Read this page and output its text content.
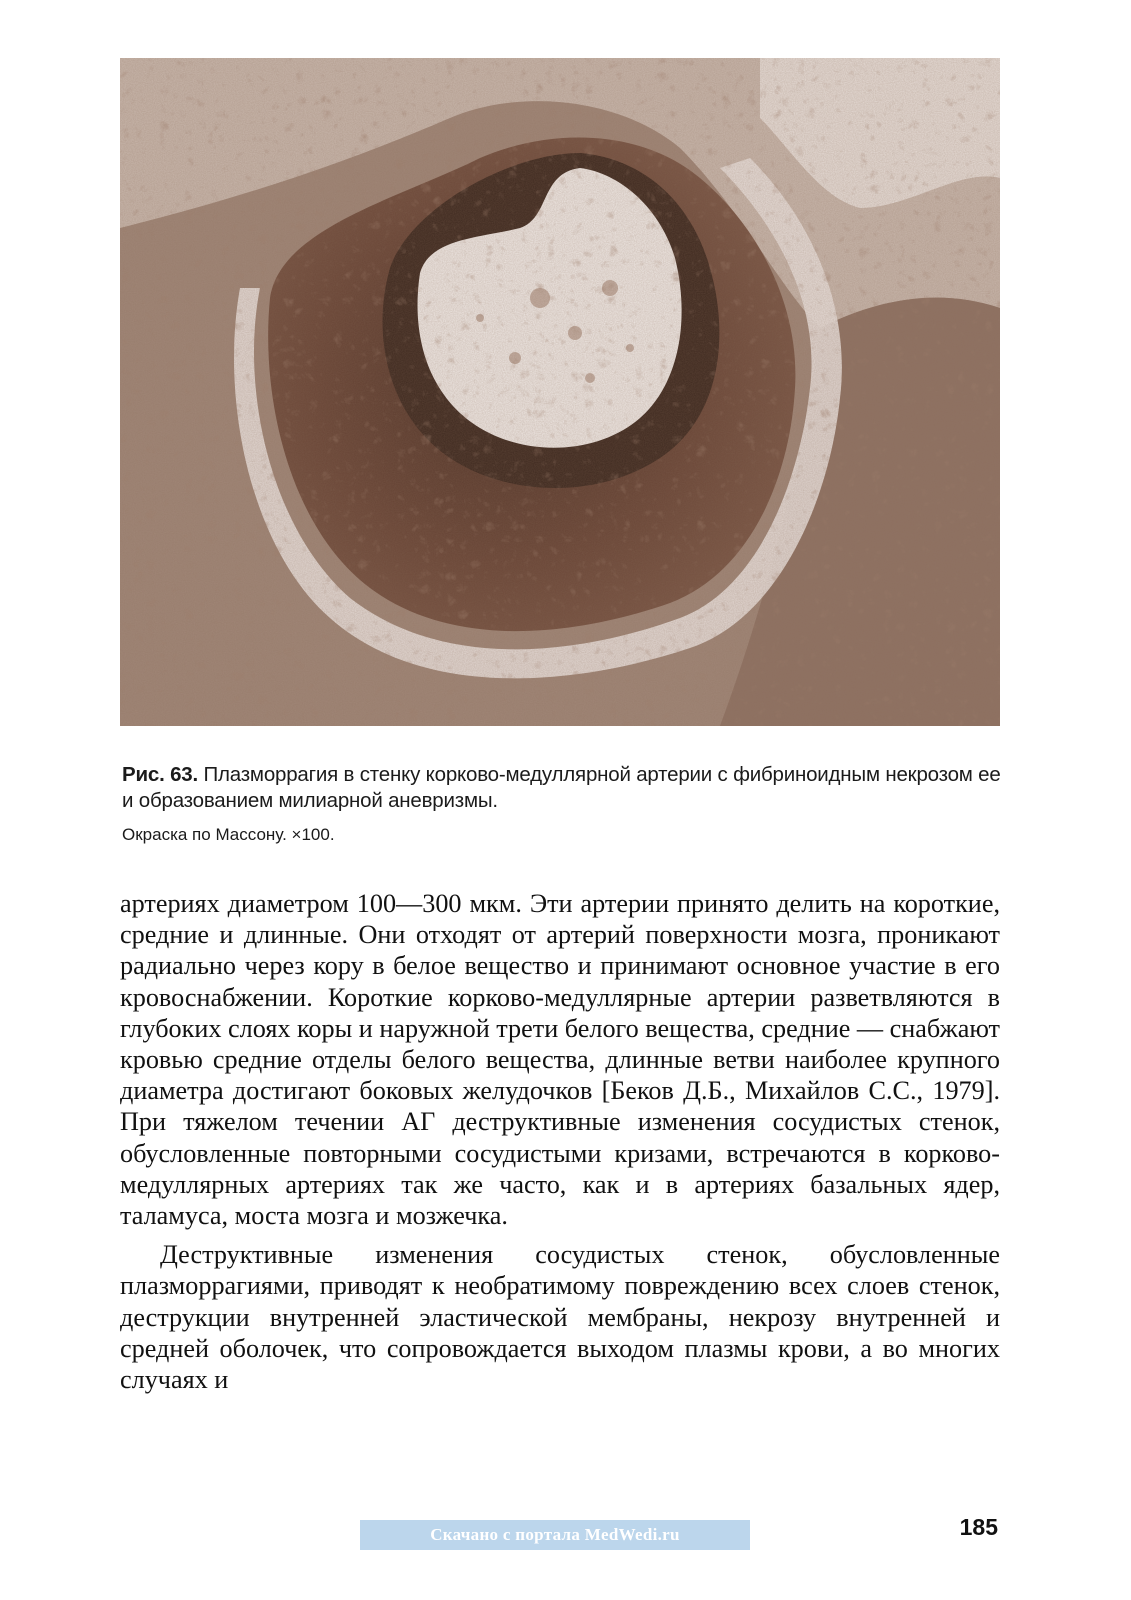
Рис. 63. Плазморрагия в стенку корково-медуллярной артерии с фибриноидным некрозом ее и образованием милиарной аневризмы.
Окраска по Массону. ×100.

артериях диаметром 100—300 мкм. Эти артерии принято делить на короткие, средние и длинные. Они отходят от артерий поверхности мозга, проникают радиально через кору в белое вещество и принимают основное участие в его кровоснабжении. Короткие корково-медуллярные артерии разветвляются в глубоких слоях коры и наружной трети белого вещества, средние — снабжают кровью средние отделы белого вещества, длинные ветви наиболее крупного диаметра достигают боковых желудочков [Беков Д.Б., Михайлов С.С., 1979]. При тяжелом течении АГ деструктивные изменения сосудистых стенок, обусловленные повторными сосудистыми кризами, встречаются в корково-медуллярных артериях так же часто, как и в артериях базальных ядер, таламуса, моста мозга и мозжечка.

Деструктивные изменения сосудистых стенок, обусловленные плазморрагиями, приводят к необратимому повреждению всех слоев стенок, деструкции внутренней эластической мембраны, некрозу внутренней и средней оболочек, что сопровождается выходом плазмы крови, а во многих случаях и

Скачано с портала MedWedi.ru	185
